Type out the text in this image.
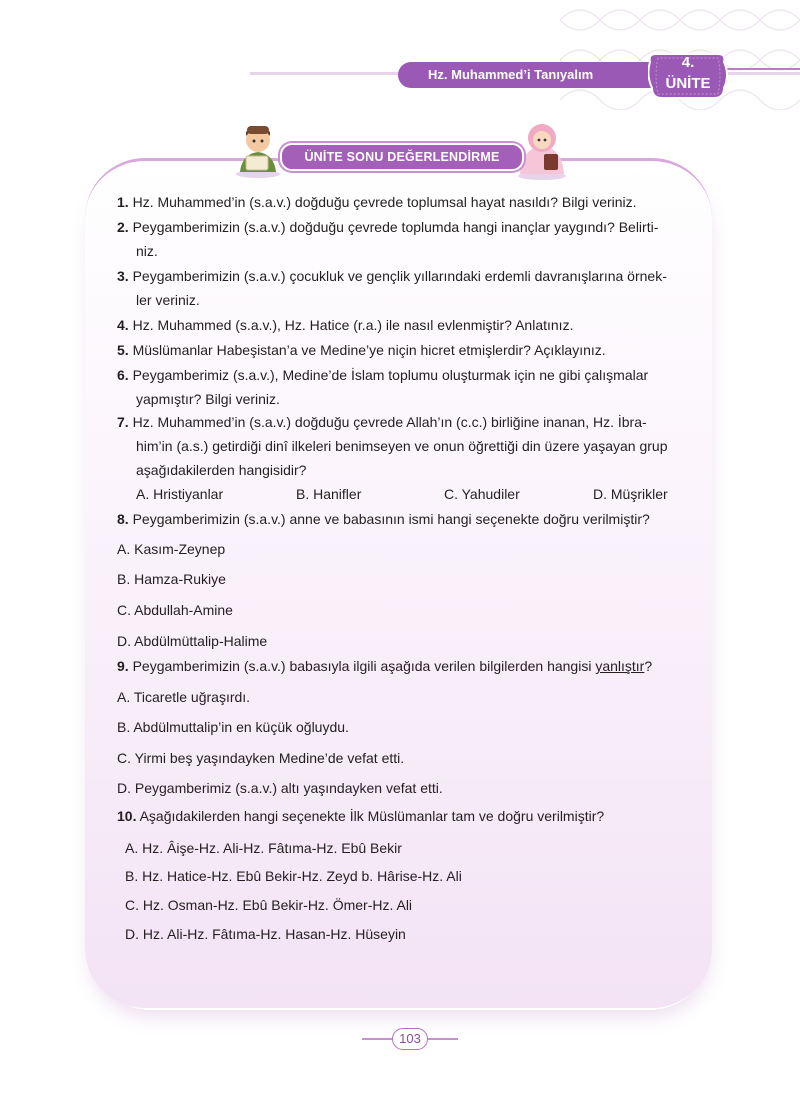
Hz. Muhammed’i Tanıyalım
4.
ÜNİTE
ÜNİTE SONU DEĞERLENDİRME
1. Hz. Muhammed’in (s.a.v.) doğduğu çevrede toplumsal hayat nasıldı? Bilgi veriniz.
2. Peygamberimizin (s.a.v.) doğduğu çevrede toplumda hangi inançlar yaygındı? Belirti-
niz.
3. Peygamberimizin (s.a.v.) çocukluk ve gençlik yıllarındaki erdemli davranışlarına örnek-
ler veriniz.
4. Hz. Muhammed (s.a.v.), Hz. Hatice (r.a.) ile nasıl evlenmiştir? Anlatınız.
5. Müslümanlar Habeşistan’a ve Medine’ye niçin hicret etmişlerdir? Açıklayınız.
6. Peygamberimiz (s.a.v.), Medine’de İslam toplumu oluşturmak için ne gibi çalışmalar
yapmıştır? Bilgi veriniz.
7. Hz. Muhammed’in (s.a.v.) doğduğu çevrede Allah’ın (c.c.) birliğine inanan, Hz. İbra-
him’in (a.s.) getirdiği dinî ilkeleri benimseyen ve onun öğrettiği din üzere yaşayan grup
aşağıdakilerden hangisidir?
A. Hristiyanlar	B. Hanifler	C. Yahudiler	D. Müşrikler
8. Peygamberimizin (s.a.v.) anne ve babasının ismi hangi seçenekte doğru verilmiştir?
A. Kasım-Zeynep
B. Hamza-Rukiye
C. Abdullah-Amine
D. Abdülmüttalip-Halime
9. Peygamberimizin (s.a.v.) babasıyla ilgili aşağıda verilen bilgilerden hangisi yanlıştır?
A. Ticaretle uğraşırdı.
B. Abdülmuttalip’in en küçük oğluydu.
C. Yirmi beş yaşındayken Medine’de vefat etti.
D. Peygamberimiz (s.a.v.) altı yaşındayken vefat etti.
10. Aşağıdakilerden hangi seçenekte İlk Müslümanlar tam ve doğru verilmiştir?
A. Hz. Âişe-Hz. Ali-Hz. Fâtıma-Hz. Ebû Bekir
B. Hz. Hatice-Hz. Ebû Bekir-Hz. Zeyd b. Hârise-Hz. Ali
C. Hz. Osman-Hz. Ebû Bekir-Hz. Ömer-Hz. Ali
D. Hz. Ali-Hz. Fâtıma-Hz. Hasan-Hz. Hüseyin
103
